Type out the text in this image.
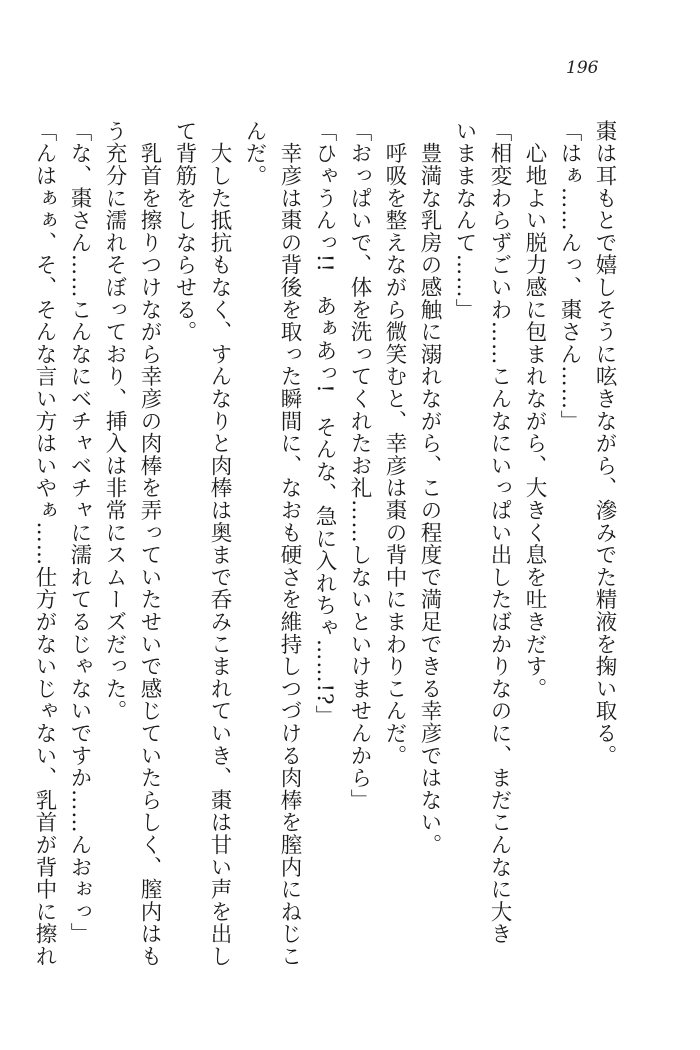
196

棗は耳もとで嬉しそうに呟きながら、滲みでた精液を掬い取る。

「はぁ……んっ、棗さん……」

　心地よい脱力感に包まれながら、大きく息を吐きだす。

「相変わらずごいわ……こんなにいっぱい出したばかりなのに、まだこんなに大き

いままなんて……」

　豊満な乳房の感触に溺れながら、この程度で満足できる幸彦ではない。

　呼吸を整えながら微笑むと、幸彦は棗の背中にまわりこんだ。

「おっぱいで、体を洗ってくれたお礼……しないといけませんから」

「ひゃうんっ!!　あぁあっ!　そんな、急に入れちゃ……!?」

　幸彦は棗の背後を取った瞬間に、なおも硬さを維持しつづける肉棒を膣内にねじこ

んだ。

　大した抵抗もなく、すんなりと肉棒は奥まで呑みこまれていき、棗は甘い声を出し

て背筋をしならせる。

　乳首を擦りつけながら幸彦の肉棒を弄っていたせいで感じていたらしく、膣内はも

う充分に濡れそぼっており、挿入は非常にスムーズだった。

「な、棗さん……こんなにベチャベチャに濡れてるじゃないですか……んおぉっ」

「んはぁぁ、そ、そんな言い方はいやぁ……仕方がないじゃない、乳首が背中に擦れ
